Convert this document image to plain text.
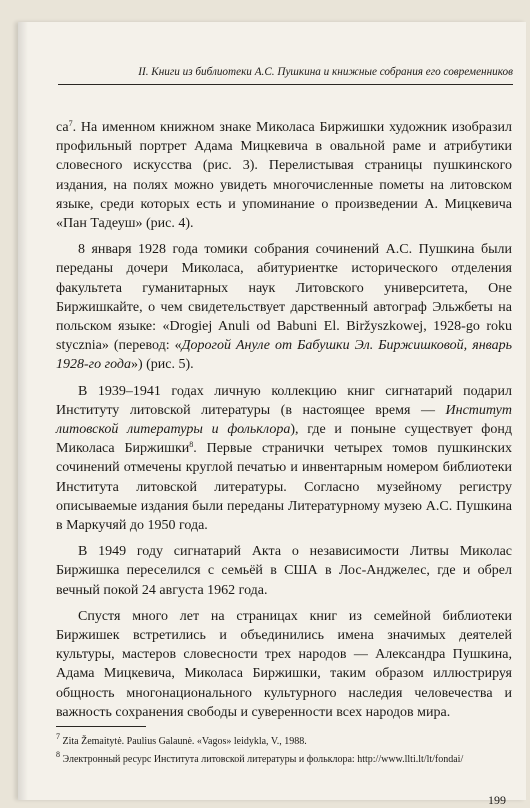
II. Книги из библиотеки А.С. Пушкина и книжные собрания его современников

$са^7$. На именном книжном знаке Миколаса Биржишки художник изобразил профильный портрет Адама Мицкевича в овальной раме и атрибутики словесного искусства (рис. 3). Перелистывая страницы пушкинского издания, на полях можно увидеть многочисленные пометы на литовском языке, среди которых есть и упоминание о произведении А. Мицкевича «Пан Тадеуш» (рис. 4).

8 января 1928 года томики собрания сочинений А.С. Пушкина были переданы дочери Миколаса, абитуриентке исторического отделения факультета гуманитарных наук Литовского университета, Оне Биржишкайте, о чем свидетельствует дарственный автограф Эльжбеты на польском языке: «Drogiej Anuli od Babuni El. Biržyszkowej, 1928-go roku stycznia» (перевод: «Дорогой Ануле от Бабушки Эл. Биржишковой, январь 1928-го года») (рис. 5).

В 1939–1941 годах личную коллекцию книг сигнатарий подарил Институту литовской литературы (в настоящее время — Институт литовской литературы и фольклора), где и поныне существует фонд Миколаса Биржишки$^8$. Первые странички четырех томов пушкинских сочинений отмечены круглой печатью и инвентарным номером библиотеки Института литовской литературы. Согласно музейному регистру описываемые издания были переданы Литературному музею А.С. Пушкина в Маркучяй до 1950 года.

В 1949 году сигнатарий Акта о независимости Литвы Миколас Биржишка переселился с семьёй в США в Лос-Анджелес, где и обрел вечный покой 24 августа 1962 года.

Спустя много лет на страницах книг из семейной библиотеки Биржишек встретились и объединились имена значимых деятелей культуры, мастеров словесности трех народов — Александра Пушкина, Адама Мицкевича, Миколаса Биржишки, таким образом иллюстрируя общность многонационального культурного наследия человечества и важность сохранения свободы и суверенности всех народов мира.

$^7$ Zita Žemaitytė. Paulius Galaunė. «Vagos» leidykla, V., 1988.

$^8$ Электронный ресурс Института литовской литературы и фольклора: http://www.llti.lt/lt/fondai/

199
